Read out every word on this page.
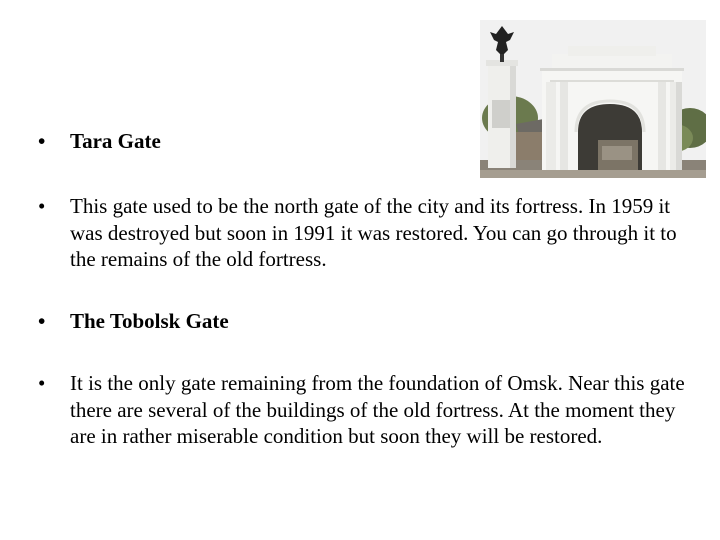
•	Tara Gate
•	This gate used to be the north gate of the city and its fortress. In 1959 it was destroyed but soon in 1991 it was restored. You can go through it to the remains of the old fortress.
•	The Tobolsk Gate
•	It is the only gate remaining from the foundation of Omsk. Near this gate there are several of the buildings of the old fortress. At the moment they are in rather miserable condition but soon they will be restored.
